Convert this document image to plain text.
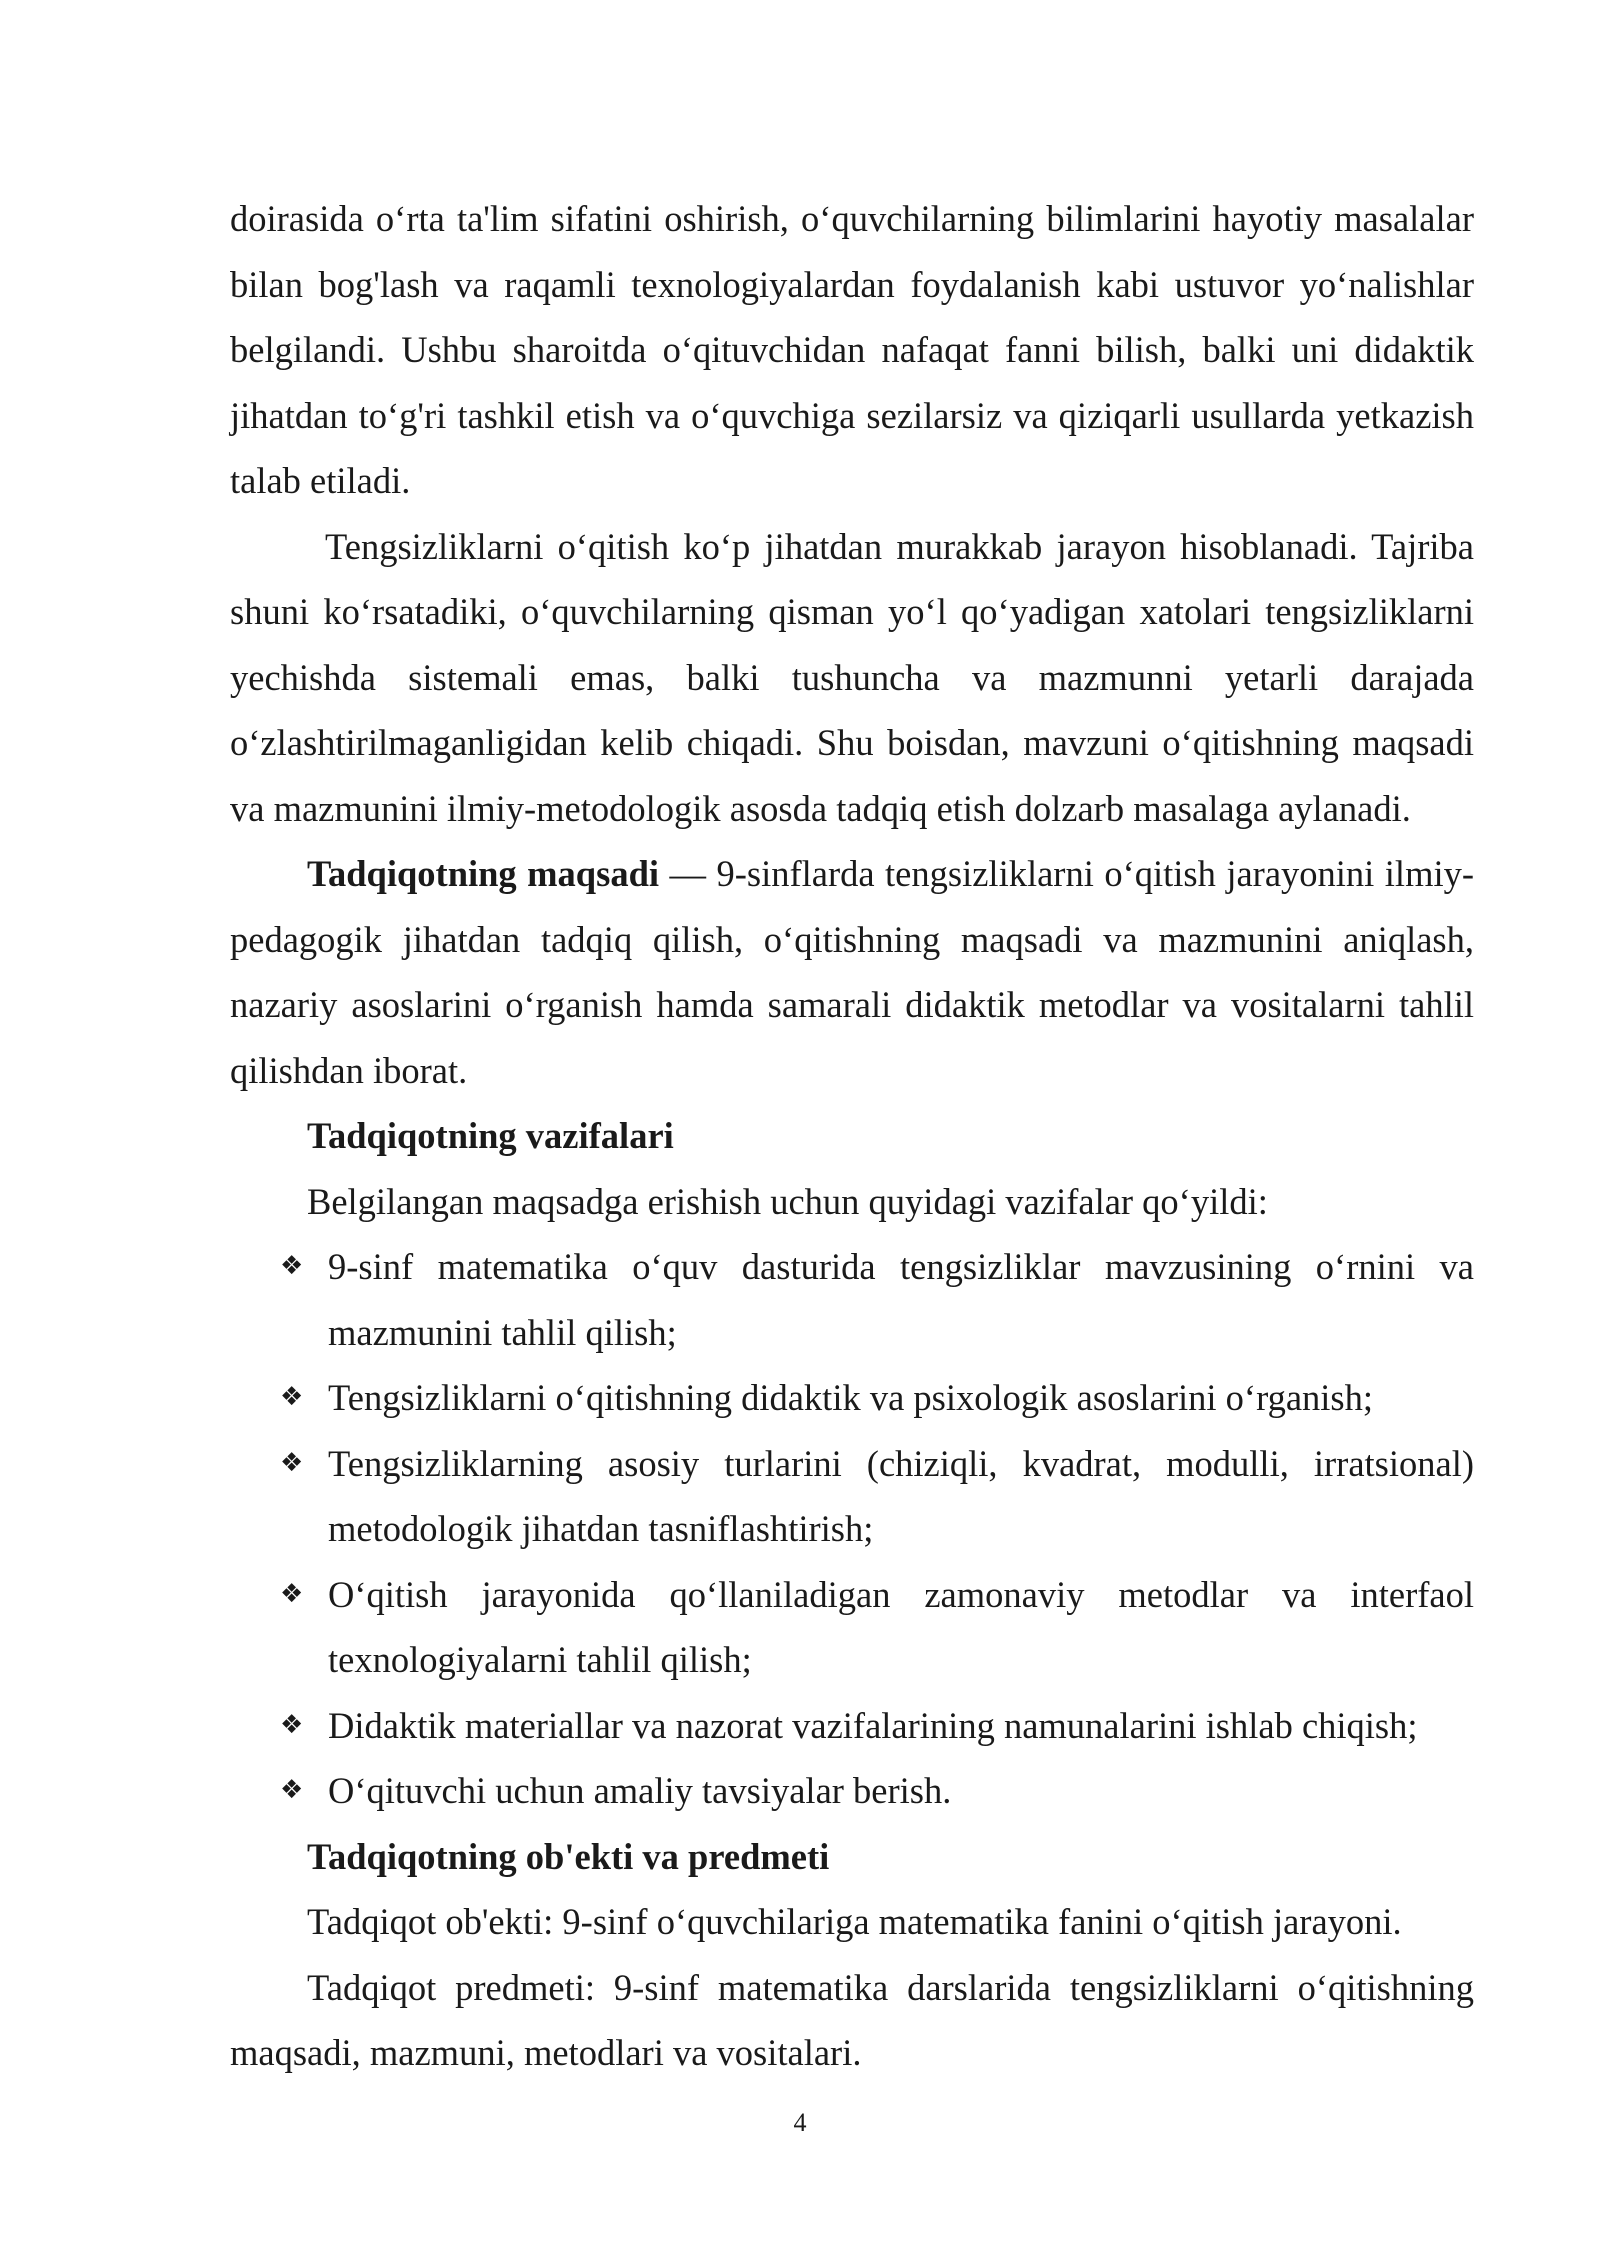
doirasida o‘rta ta'lim sifatini oshirish, o‘quvchilarning bilimlarini hayotiy masalalar bilan bog'lash va raqamli texnologiyalardan foydalanish kabi ustuvor yo‘nalishlar belgilandi. Ushbu sharoitda o‘qituvchidan nafaqat fanni bilish, balki uni didaktik jihatdan to‘g'ri tashkil etish va o‘quvchiga sezilarsiz va qiziqarli usullarda yetkazish talab etiladi.

Tengsizliklarni o‘qitish ko‘p jihatdan murakkab jarayon hisoblanadi. Tajriba shuni ko‘rsatadiki, o‘quvchilarning qisman yo‘l qo‘yadigan xatolari tengsizliklarni yechishda sistemali emas, balki tushuncha va mazmunni yetarli darajada o‘zlashtirilmaganligidan kelib chiqadi. Shu boisdan, mavzuni o‘qitishning maqsadi va mazmunini ilmiy-metodologik asosda tadqiq etish dolzarb masalaga aylanadi.

Tadqiqotning maqsadi — 9-sinflarda tengsizliklarni o‘qitish jarayonini ilmiy-pedagogik jihatdan tadqiq qilish, o‘qitishning maqsadi va mazmunini aniqlash, nazariy asoslarini o‘rganish hamda samarali didaktik metodlar va vositalarni tahlil qilishdan iborat.

Tadqiqotning vazifalari

Belgilangan maqsadga erishish uchun quyidagi vazifalar qo‘yildi:

❖ 9-sinf matematika o‘quv dasturida tengsizliklar mavzusining o‘rnini va mazmunini tahlil qilish;
❖ Tengsizliklarni o‘qitishning didaktik va psixologik asoslarini o‘rganish;
❖ Tengsizliklarning asosiy turlarini (chiziqli, kvadrat, modulli, irratsional) metodologik jihatdan tasniflashtirish;
❖ O‘qitish jarayonida qo‘llaniladigan zamonaviy metodlar va interfaol texnologiyalarni tahlil qilish;
❖ Didaktik materiallar va nazorat vazifalarining namunalarini ishlab chiqish;
❖ O‘qituvchi uchun amaliy tavsiyalar berish.

Tadqiqotning ob'ekti va predmeti

Tadqiqot ob'ekti: 9-sinf o‘quvchilariga matematika fanini o‘qitish jarayoni.

Tadqiqot predmeti: 9-sinf matematika darslarida tengsizliklarni o‘qitishning maqsadi, mazmuni, metodlari va vositalari.

4
